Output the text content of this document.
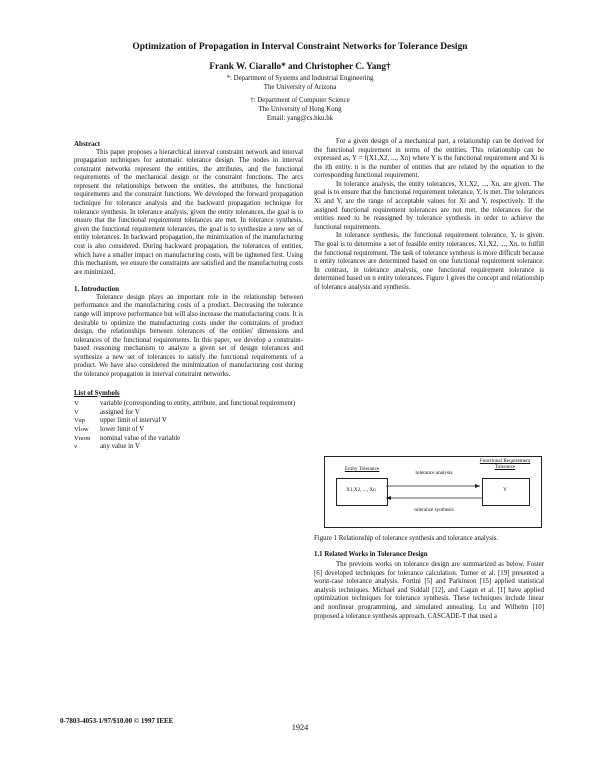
Optimization of Propagation in Interval Constraint Networks for Tolerance Design
Frank W. Ciarallo* and Christopher C. Yang†
*: Department of Systems and Industrial Engineering
The University of Arizona
†: Department of Computer Science
The University of Hong Kong
Email: yang@cs.hku.hk

Abstract

This paper proposes a hierarchical interval constraint network and interval propagation techniques for automatic tolerance design. The nodes in interval constraint networks represent the entities, the attributes, and the functional requirements of the mechanical design or the constraint functions. The arcs represent the relationships between the entities, the attributes, the functional requirements and the constraint functions. We developed the forward propagation technique for tolerance analysis and the backward propagation technique for tolerance synthesis. In tolerance analysis, given the entity tolerances, the goal is to ensure that the functional requirement tolerances are met. In tolerance synthesis, given the functional requirement tolerances, the goal is to synthesize a new set of entity tolerances. In backward propagation, the minimization of the manufacturing cost is also considered. During backward propagation, the tolerances of entities, which have a smaller impact on manufacturing costs, will be tightened first. Using this mechanism, we ensure the constraints are satisfied and the manufacturing costs are minimized.

1. Introduction

Tolerance design plays an important role in the relationship between performance and the manufacturing costs of a product. Decreasing the tolerance range will improve performance but will also increase the manufacturing costs. It is desirable to optimize the manufacturing costs under the constraints of product design, the relationships between tolerances of the entities' dimensions and tolerances of the functional requirements. In this paper, we develop a constraint-based reasoning mechanism to analyze a given set of design tolerances and synthesize a new set of tolerances to satisfy the functional requirements of a product. We have also considered the minimization of manufacturing cost during the tolerance propagation in interval constraint networks.

List of Symbols
V	variable (corresponding to entity, attribute, and functional requirement)
V	assigned for V
Vup	upper limit of interval V
Vlow	lower limit of V
Vnom	nominal value of the variable
v	any value in V

For a given design of a mechanical part, a relationship can be derived for the functional requirement in terms of the entities. This relationship can be expressed as, Y = f(X1,X2, ..., Xn) where Y is the functional requirement and Xi is the ith entity. n is the number of entities that are related by the equation to the corresponding functional requirement.

In tolerance analysis, the entity tolerances, X1,X2, ..., Xn, are given. The goal is to ensure that the functional requirement tolerance, Y, is met. The tolerances Xi and Y, are the range of acceptable values for Xi and Y, respectively. If the assigned functional requirement tolerances are not met, the tolerances for the entities need to be reassigned by tolerance synthesis in order to achieve the functional requirements.

In tolerance synthesis, the functional requirement tolerance, Y, is given. The goal is to determine a set of feasible entity tolerances, X1,X2, ..., Xn, to fulfill the functional requirement. The task of tolerance synthesis is more difficult because n entity tolerances are determined based on one functional requirement tolerance. In contrast, in tolerance analysis, one functional requirement tolerance is determined based on n entity tolerances. Figure 1 gives the concept and relationship of tolerance analysis and synthesis.

Entity Tolerance
X1,X2, ..., Xn
Functional Requirement Tolerance
Y
tolerance analysis
tolerance synthesis

Figure 1 Relationship of tolerance synthesis and tolerance analysis.

1.1 Related Works in Tolerance Design

The previous works on tolerance design are summarized as below. Foster [6] developed techniques for tolerance calculation. Turner et al. [19] presented a worst-case tolerance analysis. Fortini [5] and Parkinson [15] applied statistical analysis techniques. Michael and Siddall [12], and Cagan et al. [1] have applied optimization techniques for tolerance synthesis. These techniques include linear and nonlinear programming, and simulated annealing. Lu and Wilhelm [10] proposed a tolerance synthesis approach. CASCADE-T that used a

0-7803-4053-1/97/$10.00 © 1997 IEEE
1924
